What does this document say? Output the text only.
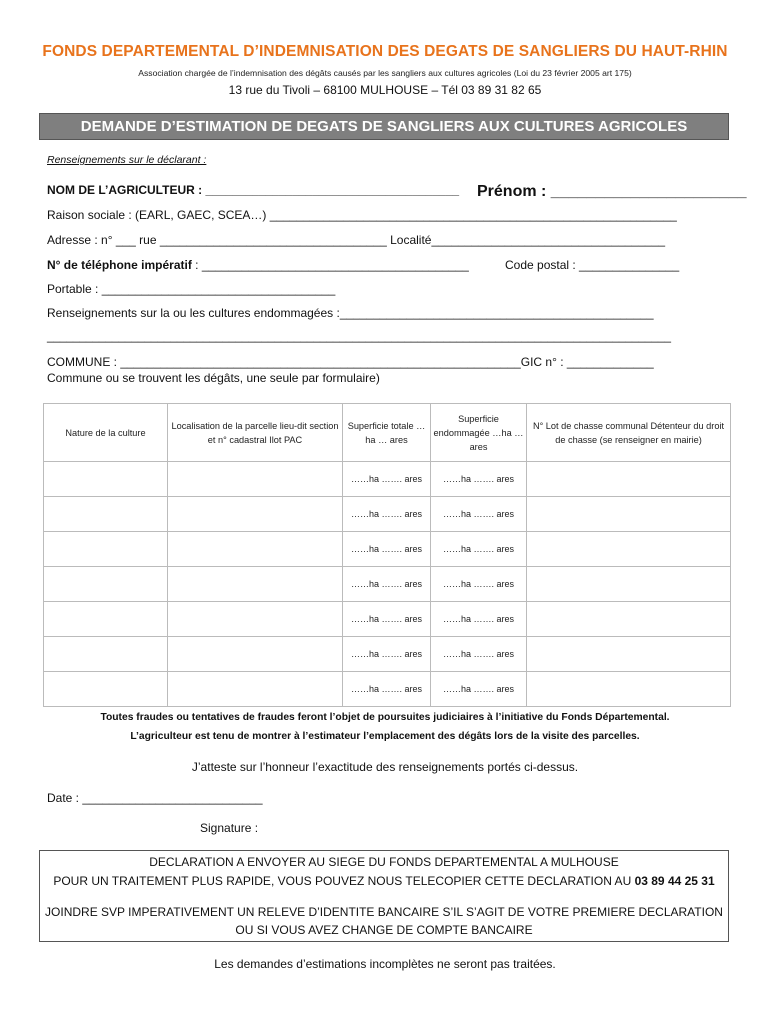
FONDS DEPARTEMENTAL D’INDEMNISATION DES DEGATS DE SANGLIERS DU HAUT-RHIN
Association chargée de l’indemnisation des dégâts causés par les sangliers aux cultures agricoles (Loi du 23 février 2005 art 175)
13 rue du Tivoli – 68100 MULHOUSE – Tél 03 89 31 82 65
DEMANDE D’ESTIMATION DE DEGATS DE SANGLIERS AUX CULTURES AGRICOLES
Renseignements sur le déclarant :
NOM DE L’AGRICULTEUR : ______________________________________ Prénom : ______________________
Raison sociale : (EARL, GAEC, SCEA…) _____________________________________________________________
Adresse : n° ___ rue __________________________________ Localité___________________________________
N° de téléphone impératif : ________________________________________	Code postal : _______________
Portable : ___________________________________
Renseignements sur la ou les cultures endommagées :_______________________________________________
________________________________________________________________________________________________
COMMUNE : ____________________________________________________________GIC n° : _____________
Commune ou se trouvent les dégâts, une seule par formulaire)
Nature de la culture	Localisation de la parcelle lieu-dit section et n° cadastral Ilot PAC	Superficie totale …ha … ares	Superficie endommagée …ha …ares	N° Lot de chasse communal Détenteur du droit de chasse (se renseigner en mairie)
		……ha ……. ares	……ha ……. ares	
		……ha ……. ares	……ha ……. ares	
		……ha ……. ares	……ha ……. ares	
		……ha ……. ares	……ha ……. ares	
		……ha ……. ares	……ha ……. ares	
		……ha ……. ares	……ha ……. ares	
		……ha ……. ares	……ha ……. ares	
Toutes fraudes ou tentatives de fraudes feront l’objet de poursuites judiciaires à l’initiative du Fonds Départemental.
L’agriculteur est tenu de montrer à l’estimateur l’emplacement des dégâts lors de la visite des parcelles.
J’atteste sur l’honneur l’exactitude des renseignements portés ci-dessus.
Date : ___________________________
Signature :
DECLARATION A ENVOYER AU SIEGE DU FONDS DEPARTEMENTAL A MULHOUSE
POUR UN TRAITEMENT PLUS RAPIDE, VOUS POUVEZ NOUS TELECOPIER CETTE DECLARATION AU 03 89 44 25 31
JOINDRE SVP IMPERATIVEMENT UN RELEVE D’IDENTITE BANCAIRE S’IL S’AGIT DE VOTRE PREMIERE DECLARATION
OU SI VOUS AVEZ CHANGE DE COMPTE BANCAIRE
Les demandes d’estimations incomplètes ne seront pas traitées.
